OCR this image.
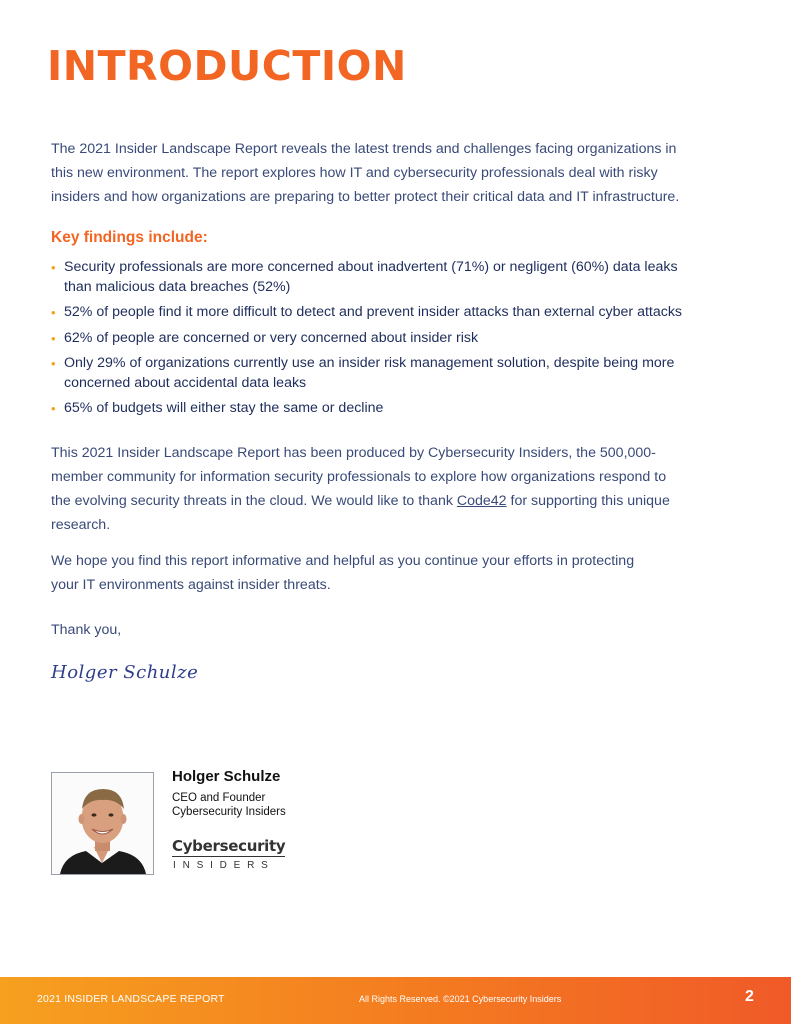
INTRODUCTION

The 2021 Insider Landscape Report reveals the latest trends and challenges facing organizations in
this new environment. The report explores how IT and cybersecurity professionals deal with risky
insiders and how organizations are preparing to better protect their critical data and IT infrastructure.

Key findings include:
• Security professionals are more concerned about inadvertent (71%) or negligent (60%) data leaks
than malicious data breaches (52%)
• 52% of people find it more difficult to detect and prevent insider attacks than external cyber attacks
• 62% of people are concerned or very concerned about insider risk
• Only 29% of organizations currently use an insider risk management solution, despite being more
concerned about accidental data leaks
• 65% of budgets will either stay the same or decline

This 2021 Insider Landscape Report has been produced by Cybersecurity Insiders, the 500,000-
member community for information security professionals to explore how organizations respond to
the evolving security threats in the cloud. We would like to thank Code42 for supporting this unique
research.

We hope you find this report informative and helpful as you continue your efforts in protecting
your IT environments against insider threats.

Thank you,

Holger Schulze

Holger Schulze

CEO and Founder
Cybersecurity Insiders

Cybersecurity

INSIDERS

2021 INSIDER LANDSCAPE REPORT	All Rights Reserved. ©2021 Cybersecurity Insiders	2
